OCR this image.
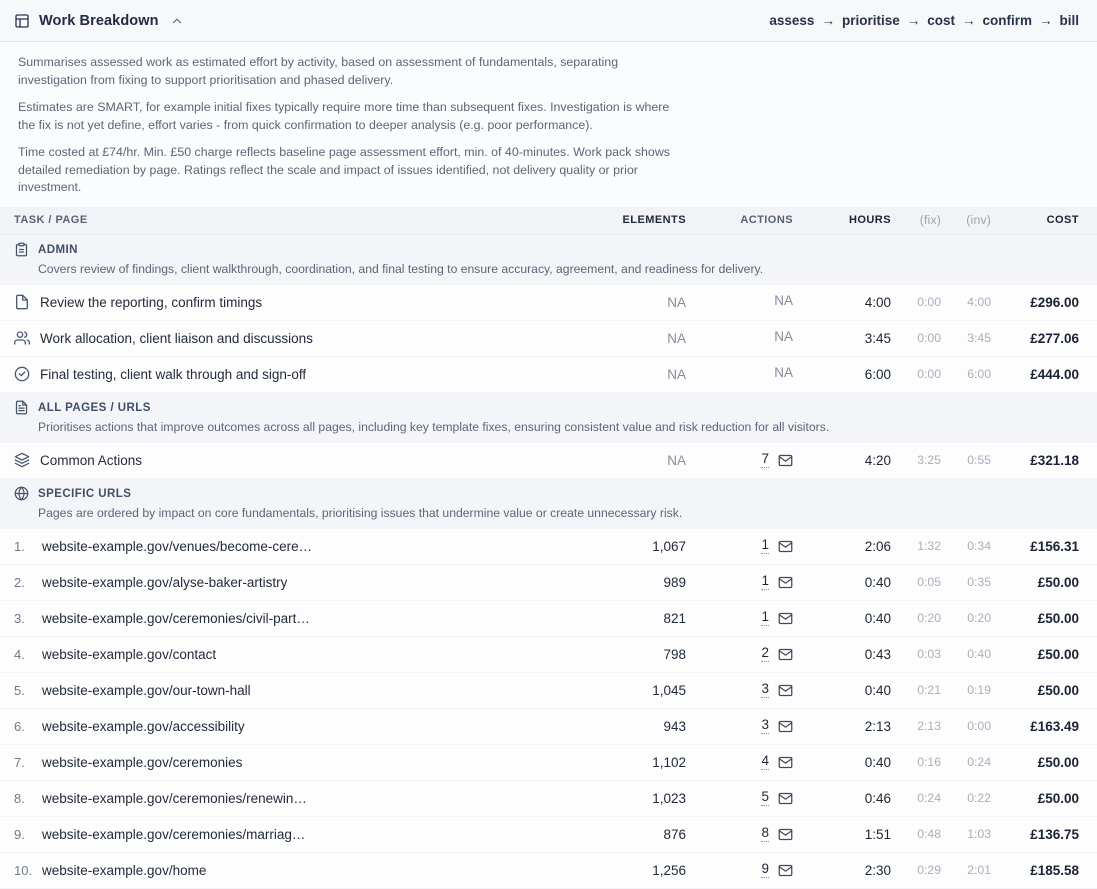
Work Breakdown	assess → prioritise → cost → confirm → bill

Summarises assessed work as estimated effort by activity, based on assessment of fundamentals, separating investigation from fixing to support prioritisation and phased delivery.

Estimates are SMART, for example initial fixes typically require more time than subsequent fixes. Investigation is where the fix is not yet define, effort varies - from quick confirmation to deeper analysis (e.g. poor performance).

Time costed at £74/hr. Min. £50 charge reflects baseline page assessment effort, min. of 40-minutes. Work pack shows detailed remediation by page. Ratings reflect the scale and impact of issues identified, not delivery quality or prior investment.

TASK / PAGE	ELEMENTS	ACTIONS	HOURS	(fix)	(inv)	COST
ADMIN
Covers review of findings, client walkthrough, coordination, and final testing to ensure accuracy, agreement, and readiness for delivery.
Review the reporting, confirm timings	NA	NA	4:00	0:00	4:00	£296.00
Work allocation, client liaison and discussions	NA	NA	3:45	0:00	3:45	£277.06
Final testing, client walk through and sign-off	NA	NA	6:00	0:00	6:00	£444.00
ALL PAGES / URLS
Prioritises actions that improve outcomes across all pages, including key template fixes, ensuring consistent value and risk reduction for all visitors.
Common Actions	NA	7	4:20	3:25	0:55	£321.18
SPECIFIC URLS
Pages are ordered by impact on core fundamentals, prioritising issues that undermine value or create unnecessary risk.
1.	website-example.gov/venues/become-cere…	1,067	1	2:06	1:32	0:34	£156.31
2.	website-example.gov/alyse-baker-artistry	989	1	0:40	0:05	0:35	£50.00
3.	website-example.gov/ceremonies/civil-part…	821	1	0:40	0:20	0:20	£50.00
4.	website-example.gov/contact	798	2	0:43	0:03	0:40	£50.00
5.	website-example.gov/our-town-hall	1,045	3	0:40	0:21	0:19	£50.00
6.	website-example.gov/accessibility	943	3	2:13	2:13	0:00	£163.49
7.	website-example.gov/ceremonies	1,102	4	0:40	0:16	0:24	£50.00
8.	website-example.gov/ceremonies/renewin…	1,023	5	0:46	0:24	0:22	£50.00
9.	website-example.gov/ceremonies/marriag…	876	8	1:51	0:48	1:03	£136.75
10. website-example.gov/home	1,256	9	2:30	0:29	2:01	£185.58
